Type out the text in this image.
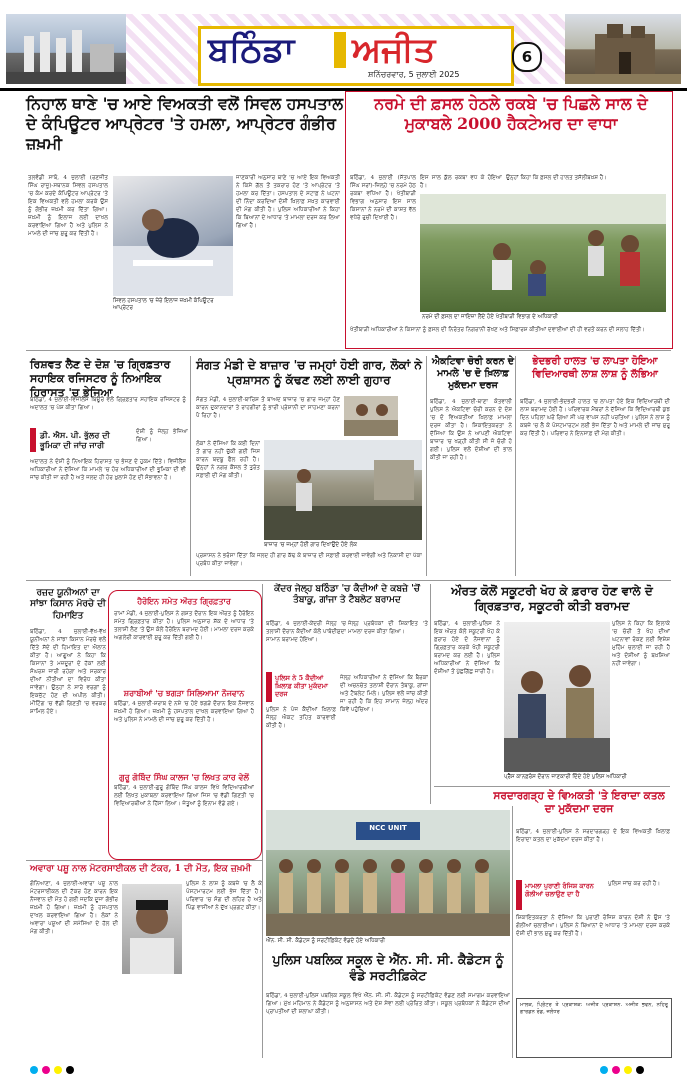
ਬਠਿੰਡਾ ਅਜੀਤ
ਸ਼ਨਿੱਚਰਵਾਰ, 5 ਜੁਲਾਈ 2025
6
ਨਿਹਾਲ ਥਾਣੇ 'ਚ ਆਏ ਵਿਅਕਤੀ ਵਲੋਂ ਸਿਵਲ ਹਸਪਤਾਲ ਦੇ ਕੰਪਿਊਟਰ ਆਪ੍ਰੇਟਰ 'ਤੇ ਹਮਲਾ, ਆਪ੍ਰੇਟਰ ਗੰਭੀਰ ਜ਼ਖ਼ਮੀ
ਨਰਮੇ ਦੀ ਫ਼ਸਲ ਹੇਠਲੇ ਰਕਬੇ 'ਚ ਪਿਛਲੇ ਸਾਲ ਦੇ ਮੁਕਾਬਲੇ 2000 ਹੈਕਟੇਅਰ ਦਾ ਵਾਧਾ
ਤਲਵੰਡੀ ਸਾਬੋ, 4 ਜੁਲਾਈ (ਰਣਜੀਤ ਸਿੰਘ ਰਾਜੂ)-ਸਥਾਨਕ ਸਿਵਲ ਹਸਪਤਾਲ 'ਚ ਕੰਮ ਕਰਦੇ ਕੰਪਿਊਟਰ ਆਪ੍ਰੇਟਰ 'ਤੇ ਇਕ ਵਿਅਕਤੀ ਵਲੋਂ ਹਮਲਾ ਕਰਕੇ ਉਸ ਨੂੰ ਗੰਭੀਰ ਜ਼ਖ਼ਮੀ ਕਰ ਦਿੱਤਾ ਗਿਆ। ਜ਼ਖ਼ਮੀ ਨੂੰ ਇਲਾਜ ਲਈ ਦਾਖਲ ਕਰਵਾਇਆ ਗਿਆ ਹੈ ਅਤੇ ਪੁਲਿਸ ਨੇ ਮਾਮਲੇ ਦੀ ਜਾਂਚ ਸ਼ੁਰੂ ਕਰ ਦਿੱਤੀ ਹੈ।
ਸਿਵਲ ਹਸਪਤਾਲ 'ਚ ਜ਼ੇਰੇ ਇਲਾਜ ਜ਼ਖ਼ਮੀ ਕੰਪਿਊਟਰ ਆਪ੍ਰੇਟਰ
ਜਾਣਕਾਰੀ ਅਨੁਸਾਰ ਥਾਣੇ 'ਚ ਆਏ ਇਕ ਵਿਅਕਤੀ ਨੇ ਕਿਸੇ ਗੱਲ ਤੋਂ ਤਕਰਾਰ ਹੋਣ 'ਤੇ ਆਪ੍ਰੇਟਰ 'ਤੇ ਹਮਲਾ ਕਰ ਦਿੱਤਾ। ਹਸਪਤਾਲ ਦੇ ਸਟਾਫ਼ ਨੇ ਘਟਨਾ ਦੀ ਨਿੰਦਾ ਕਰਦਿਆਂ ਦੋਸ਼ੀ ਖ਼ਿਲਾਫ਼ ਸਖ਼ਤ ਕਾਰਵਾਈ ਦੀ ਮੰਗ ਕੀਤੀ ਹੈ। ਪੁਲਿਸ ਅਧਿਕਾਰੀਆਂ ਨੇ ਕਿਹਾ ਕਿ ਬਿਆਨਾਂ ਦੇ ਆਧਾਰ 'ਤੇ ਮਾਮਲਾ ਦਰਜ ਕਰ ਲਿਆ ਗਿਆ ਹੈ।
ਬਠਿੰਡਾ, 4 ਜੁਲਾਈ (ਸੱਤਪਾਲ ਸਿੰਘ ਸਰਾਂ)-ਜ਼ਿਲ੍ਹੇ 'ਚ ਨਰਮੇ ਹੇਠ ਰਕਬਾ ਵਧਿਆ ਹੈ। ਖੇਤੀਬਾੜੀ ਵਿਭਾਗ ਅਨੁਸਾਰ ਇਸ ਸਾਲ ਕਿਸਾਨਾਂ ਨੇ ਨਰਮੇ ਦੀ ਕਾਸ਼ਤ ਵੱਲ ਵਧੇਰੇ ਰੁਚੀ ਦਿਖਾਈ ਹੈ।
ਇਸ ਸਾਲ ਕੁੱਲ ਰਕਬਾ ਵਧ ਕੇ ਹੋਇਆ ਹੈ।
ਉਨ੍ਹਾਂ ਕਿਹਾ ਕਿ ਫ਼ਸਲ ਦੀ ਹਾਲਤ ਤਸੱਲੀਬਖ਼ਸ਼ ਹੈ।
ਨਰਮੇ ਦੀ ਫ਼ਸਲ ਦਾ ਜਾਇਜ਼ਾ ਲੈਂਦੇ ਹੋਏ ਖੇਤੀਬਾੜੀ ਵਿਭਾਗ ਦੇ ਅਧਿਕਾਰੀ
ਖੇਤੀਬਾੜੀ ਅਧਿਕਾਰੀਆਂ ਨੇ ਕਿਸਾਨਾਂ ਨੂੰ ਫ਼ਸਲ ਦੀ ਨਿਰੰਤਰ ਨਿਗਰਾਨੀ ਰੱਖਣ ਅਤੇ ਸਿਫ਼ਾਰਸ਼ ਕੀਤੀਆਂ ਦਵਾਈਆਂ ਦੀ ਹੀ ਵਰਤੋਂ ਕਰਨ ਦੀ ਸਲਾਹ ਦਿੱਤੀ।
ਰਿਸ਼ਵਤ ਲੈਣ ਦੇ ਦੋਸ਼ 'ਚ ਗ੍ਰਿਫ਼ਤਾਰ ਸਹਾਇਕ ਰਜਿਸਟਰ ਨੂੰ ਨਿਆਇਕ ਹਿਰਾਸਤ 'ਚ ਭੇਜਿਆ
ਬਠਿੰਡਾ, 4 ਜੁਲਾਈ-ਵਿਜੀਲੈਂਸ ਬਿਊਰੋ ਵਲੋਂ ਗ੍ਰਿਫ਼ਤਾਰ ਸਹਾਇਕ ਰਜਿਸਟਰ ਨੂੰ ਅਦਾਲਤ 'ਚ ਪੇਸ਼ ਕੀਤਾ ਗਿਆ।
ਡੀ. ਐਸ. ਪੀ. ਭੁੱਲਰ ਦੀ ਭੂਮਿਕਾ ਦੀ ਜਾਂਚ ਜਾਰੀ
ਦੋਸ਼ੀ ਨੂੰ ਜੇਲ੍ਹ ਭੇਜਿਆ ਗਿਆ।
ਅਦਾਲਤ ਨੇ ਦੋਸ਼ੀ ਨੂੰ ਨਿਆਇਕ ਹਿਰਾਸਤ 'ਚ ਭੇਜਣ ਦੇ ਹੁਕਮ ਦਿੱਤੇ। ਵਿਜੀਲੈਂਸ ਅਧਿਕਾਰੀਆਂ ਨੇ ਦੱਸਿਆ ਕਿ ਮਾਮਲੇ 'ਚ ਹੋਰ ਅਧਿਕਾਰੀਆਂ ਦੀ ਭੂਮਿਕਾ ਦੀ ਵੀ ਜਾਂਚ ਕੀਤੀ ਜਾ ਰਹੀ ਹੈ ਅਤੇ ਜਲਦ ਹੀ ਹੋਰ ਖ਼ੁਲਾਸੇ ਹੋਣ ਦੀ ਸੰਭਾਵਨਾ ਹੈ।
ਸੰਗਤ ਮੰਡੀ ਦੇ ਬਾਜ਼ਾਰ 'ਚ ਜਮ੍ਹਾਂ ਹੋਈ ਗਾਰ, ਲੋਕਾਂ ਨੇ ਪ੍ਰਸ਼ਾਸਨ ਨੂੰ ਕੱਢਣ ਲਈ ਲਾਈ ਗੁਹਾਰ
ਸੰਗਤ ਮੰਡੀ, 4 ਜੁਲਾਈ-ਬਾਰਿਸ਼ ਤੋਂ ਬਾਅਦ ਬਾਜ਼ਾਰ 'ਚ ਗਾਰ ਜਮ੍ਹਾਂ ਹੋਣ ਕਾਰਨ ਦੁਕਾਨਦਾਰਾਂ ਤੇ ਰਾਹਗੀਰਾਂ ਨੂੰ ਭਾਰੀ ਪ੍ਰੇਸ਼ਾਨੀ ਦਾ ਸਾਹਮਣਾ ਕਰਨਾ ਪੈ ਰਿਹਾ ਹੈ।
ਬਾਜ਼ਾਰ 'ਚ ਜਮ੍ਹਾਂ ਹੋਈ ਗਾਰ ਦਿਖਾਉਂਦੇ ਹੋਏ ਲੋਕ
ਲੋਕਾਂ ਨੇ ਦੱਸਿਆ ਕਿ ਕਈ ਦਿਨਾਂ ਤੋਂ ਗਾਰ ਨਹੀਂ ਚੁੱਕੀ ਗਈ ਜਿਸ ਕਾਰਨ ਬਦਬੂ ਫੈਲ ਰਹੀ ਹੈ। ਉਨ੍ਹਾਂ ਨੇ ਨਗਰ ਕੌਂਸਲ ਤੋਂ ਤੁਰੰਤ ਸਫ਼ਾਈ ਦੀ ਮੰਗ ਕੀਤੀ।
ਪ੍ਰਸ਼ਾਸਨ ਨੇ ਭਰੋਸਾ ਦਿੱਤਾ ਕਿ ਜਲਦ ਹੀ ਗਾਰ ਕੱਢ ਕੇ ਬਾਜ਼ਾਰ ਦੀ ਸਫ਼ਾਈ ਕਰਵਾਈ ਜਾਵੇਗੀ ਅਤੇ ਨਿਕਾਸੀ ਦਾ ਪੱਕਾ ਪ੍ਰਬੰਧ ਕੀਤਾ ਜਾਵੇਗਾ।
ਐਕਟਿਵਾ ਚੋਰੀ ਕਰਨ ਦੇ ਮਾਮਲੇ 'ਚ ਦੋ ਖ਼ਿਲਾਫ਼ ਮੁਕੱਦਮਾ ਦਰਜ
ਬਠਿੰਡਾ, 4 ਜੁਲਾਈ-ਥਾਣਾ ਕੋਤਵਾਲੀ ਪੁਲਿਸ ਨੇ ਐਕਟਿਵਾ ਚੋਰੀ ਕਰਨ ਦੇ ਦੋਸ਼ 'ਚ ਦੋ ਵਿਅਕਤੀਆਂ ਖ਼ਿਲਾਫ਼ ਮਾਮਲਾ ਦਰਜ ਕੀਤਾ ਹੈ। ਸ਼ਿਕਾਇਤਕਰਤਾ ਨੇ ਦੱਸਿਆ ਕਿ ਉਸ ਨੇ ਆਪਣੀ ਐਕਟਿਵਾ ਬਾਜ਼ਾਰ 'ਚ ਖੜ੍ਹੀ ਕੀਤੀ ਸੀ ਜੋ ਚੋਰੀ ਹੋ ਗਈ। ਪੁਲਿਸ ਵਲੋਂ ਦੋਸ਼ੀਆਂ ਦੀ ਭਾਲ ਕੀਤੀ ਜਾ ਰਹੀ ਹੈ।
ਭੇਦਭਰੀ ਹਾਲਤ 'ਚ ਲਾਪਤਾ ਹੋਇਆ ਵਿਦਿਆਰਥੀ ਲਾਸ਼ ਲਾਸ਼ ਨੂੰ ਲੱਭਿਆ
ਬਠਿੰਡਾ, 4 ਜੁਲਾਈ-ਭੇਦਭਰੀ ਹਾਲਤ 'ਚ ਲਾਪਤਾ ਹੋਏ ਇਕ ਵਿਦਿਆਰਥੀ ਦੀ ਲਾਸ਼ ਬਰਾਮਦ ਹੋਈ ਹੈ। ਪਰਿਵਾਰਕ ਮੈਂਬਰਾਂ ਨੇ ਦੱਸਿਆ ਕਿ ਵਿਦਿਆਰਥੀ ਕੁਝ ਦਿਨ ਪਹਿਲਾਂ ਘਰੋਂ ਗਿਆ ਸੀ ਪਰ ਵਾਪਸ ਨਹੀਂ ਪਰਤਿਆ। ਪੁਲਿਸ ਨੇ ਲਾਸ਼ ਨੂੰ ਕਬਜ਼ੇ 'ਚ ਲੈ ਕੇ ਪੋਸਟਮਾਰਟਮ ਲਈ ਭੇਜ ਦਿੱਤਾ ਹੈ ਅਤੇ ਮਾਮਲੇ ਦੀ ਜਾਂਚ ਸ਼ੁਰੂ ਕਰ ਦਿੱਤੀ ਹੈ। ਪਰਿਵਾਰ ਨੇ ਇਨਸਾਫ਼ ਦੀ ਮੰਗ ਕੀਤੀ।
ਰਜ਼ਦ ਯੂਨੀਅਨਾਂ ਦਾ ਸਾਂਝਾ ਕਿਸਾਨ ਮੋਰਚੇ ਦੀ ਹਿਮਾਇਤ
ਬਠਿੰਡਾ, 4 ਜੁਲਾਈ-ਵੱਖ-ਵੱਖ ਯੂਨੀਅਨਾਂ ਨੇ ਸਾਂਝਾ ਕਿਸਾਨ ਮੋਰਚੇ ਵਲੋਂ ਦਿੱਤੇ ਸੱਦੇ ਦੀ ਹਿਮਾਇਤ ਦਾ ਐਲਾਨ ਕੀਤਾ ਹੈ। ਆਗੂਆਂ ਨੇ ਕਿਹਾ ਕਿ ਕਿਸਾਨਾਂ ਤੇ ਮਜ਼ਦੂਰਾਂ ਦੇ ਹੱਕਾਂ ਲਈ ਸੰਘਰਸ਼ ਜਾਰੀ ਰਹੇਗਾ ਅਤੇ ਸਰਕਾਰ ਦੀਆਂ ਨੀਤੀਆਂ ਦਾ ਵਿਰੋਧ ਕੀਤਾ ਜਾਵੇਗਾ। ਉਨ੍ਹਾਂ ਨੇ ਸਾਰੇ ਵਰਗਾਂ ਨੂੰ ਇਕਜੁੱਟ ਹੋਣ ਦੀ ਅਪੀਲ ਕੀਤੀ। ਮੀਟਿੰਗ 'ਚ ਵੱਡੀ ਗਿਣਤੀ 'ਚ ਵਰਕਰ ਸ਼ਾਮਿਲ ਹੋਏ।
ਹੈਰੋਇਨ ਸਮੇਤ ਔਰਤ ਗ੍ਰਿਫ਼ਤਾਰ
ਰਾਮਾਂ ਮੰਡੀ, 4 ਜੁਲਾਈ-ਪੁਲਿਸ ਨੇ ਗਸ਼ਤ ਦੌਰਾਨ ਇਕ ਔਰਤ ਨੂੰ ਹੈਰੋਇਨ ਸਮੇਤ ਗ੍ਰਿਫ਼ਤਾਰ ਕੀਤਾ ਹੈ। ਪੁਲਿਸ ਅਨੁਸਾਰ ਸ਼ੱਕ ਦੇ ਆਧਾਰ 'ਤੇ ਤਲਾਸ਼ੀ ਲੈਣ 'ਤੇ ਉਸ ਕੋਲੋਂ ਹੈਰੋਇਨ ਬਰਾਮਦ ਹੋਈ। ਮਾਮਲਾ ਦਰਜ ਕਰਕੇ ਅਗਲੇਰੀ ਕਾਰਵਾਈ ਸ਼ੁਰੂ ਕਰ ਦਿੱਤੀ ਗਈ ਹੈ।
ਸ਼ਰਾਬੀਆਂ 'ਚ ਝਗੜਾ ਸਿਲਿਆਮਾ ਨੌਜਵਾਨ
ਬਠਿੰਡਾ, 4 ਜੁਲਾਈ-ਸ਼ਰਾਬ ਦੇ ਨਸ਼ੇ 'ਚ ਹੋਏ ਝਗੜੇ ਦੌਰਾਨ ਇਕ ਨੌਜਵਾਨ ਜ਼ਖ਼ਮੀ ਹੋ ਗਿਆ। ਜ਼ਖ਼ਮੀ ਨੂੰ ਹਸਪਤਾਲ ਦਾਖਲ ਕਰਵਾਇਆ ਗਿਆ ਹੈ ਅਤੇ ਪੁਲਿਸ ਨੇ ਮਾਮਲੇ ਦੀ ਜਾਂਚ ਸ਼ੁਰੂ ਕਰ ਦਿੱਤੀ ਹੈ।
ਗੁਰੂ ਗੋਬਿੰਦ ਸਿੰਘ ਕਾਲਜ 'ਚ ਲਿਖਤ ਕਾਰ ਵੇਲੋਂ
ਬਠਿੰਡਾ, 4 ਜੁਲਾਈ-ਗੁਰੂ ਗੋਬਿੰਦ ਸਿੰਘ ਕਾਲਜ ਵਿਖੇ ਵਿਦਿਆਰਥੀਆਂ ਲਈ ਲਿਖਤ ਮੁਕਾਬਲਾ ਕਰਵਾਇਆ ਗਿਆ ਜਿਸ 'ਚ ਵੱਡੀ ਗਿਣਤੀ 'ਚ ਵਿਦਿਆਰਥੀਆਂ ਨੇ ਹਿੱਸਾ ਲਿਆ। ਜੇਤੂਆਂ ਨੂੰ ਇਨਾਮ ਵੰਡੇ ਗਏ।
ਕੇਂਦਰ ਜੇਲ੍ਹ ਬਠਿੰਡਾ 'ਚ ਕੈਦੀਆਂ ਦੇ ਕਬਜ਼ੇ 'ਚੋਂ ਤੰਬਾਕੂ, ਗਾਂਜਾ ਤੇ ਟੈਬਲੇਟ ਬਰਾਮਦ
ਬਠਿੰਡਾ, 4 ਜੁਲਾਈ-ਕੇਂਦਰੀ ਜੇਲ੍ਹ 'ਚ ਤਲਾਸ਼ੀ ਦੌਰਾਨ ਕੈਦੀਆਂ ਕੋਲੋਂ ਪਾਬੰਦੀਸ਼ੁਦਾ ਸਾਮਾਨ ਬਰਾਮਦ ਹੋਇਆ।
ਜੇਲ੍ਹ ਪ੍ਰਬੰਧਕਾਂ ਦੀ ਸ਼ਿਕਾਇਤ 'ਤੇ ਮਾਮਲਾ ਦਰਜ ਕੀਤਾ ਗਿਆ।
ਪੁਲਿਸ ਨੇ 5 ਕੈਦੀਆਂ ਖ਼ਿਲਾਫ਼ ਕੀਤਾ ਮੁਕੱਦਮਾ ਦਰਜ
ਜੇਲ੍ਹ ਅਧਿਕਾਰੀਆਂ ਨੇ ਦੱਸਿਆ ਕਿ ਬੈਰਕਾਂ ਦੀ ਅਚਨਚੇਤ ਤਲਾਸ਼ੀ ਦੌਰਾਨ ਤੰਬਾਕੂ, ਗਾਂਜਾ ਅਤੇ ਟੈਬਲੇਟ ਮਿਲੇ। ਪੁਲਿਸ ਵਲੋਂ ਜਾਂਚ ਕੀਤੀ ਜਾ ਰਹੀ ਹੈ ਕਿ ਇਹ ਸਾਮਾਨ ਜੇਲ੍ਹ ਅੰਦਰ ਕਿਵੇਂ ਪਹੁੰਚਿਆ।
ਪੁਲਿਸ ਨੇ ਪੰਜ ਕੈਦੀਆਂ ਖ਼ਿਲਾਫ਼ ਜੇਲ੍ਹ ਐਕਟ ਤਹਿਤ ਕਾਰਵਾਈ ਕੀਤੀ ਹੈ।
ਔਰਤ ਕੋਲੋਂ ਸਕੂਟਰੀ ਖੋਹ ਕੇ ਫ਼ਰਾਰ ਹੋਣ ਵਾਲੇ ਦੋ ਗ੍ਰਿਫ਼ਤਾਰ, ਸਕੂਟਰੀ ਕੀਤੀ ਬਰਾਮਦ
ਬਠਿੰਡਾ, 4 ਜੁਲਾਈ-ਪੁਲਿਸ ਨੇ ਇਕ ਔਰਤ ਕੋਲੋਂ ਸਕੂਟਰੀ ਖੋਹ ਕੇ ਫ਼ਰਾਰ ਹੋਏ ਦੋ ਨੌਜਵਾਨਾਂ ਨੂੰ ਗ੍ਰਿਫ਼ਤਾਰ ਕਰਕੇ ਖੋਹੀ ਸਕੂਟਰੀ ਬਰਾਮਦ ਕਰ ਲਈ ਹੈ। ਪੁਲਿਸ ਅਧਿਕਾਰੀਆਂ ਨੇ ਦੱਸਿਆ ਕਿ ਦੋਸ਼ੀਆਂ ਤੋਂ ਪੁੱਛਗਿੱਛ ਜਾਰੀ ਹੈ।
ਪੁਲਿਸ ਨੇ ਕਿਹਾ ਕਿ ਇਲਾਕੇ 'ਚ ਚੋਰੀ ਤੇ ਖੋਹ ਦੀਆਂ ਘਟਨਾਵਾਂ ਰੋਕਣ ਲਈ ਵਿਸ਼ੇਸ਼ ਮੁਹਿੰਮ ਚਲਾਈ ਜਾ ਰਹੀ ਹੈ ਅਤੇ ਦੋਸ਼ੀਆਂ ਨੂੰ ਬਖ਼ਸ਼ਿਆ ਨਹੀਂ ਜਾਵੇਗਾ।
ਪ੍ਰੈੱਸ ਕਾਨਫ਼ਰੰਸ ਦੌਰਾਨ ਜਾਣਕਾਰੀ ਦਿੰਦੇ ਹੋਏ ਪੁਲਿਸ ਅਧਿਕਾਰੀ
ਸਰਦਾਰਗੜ੍ਹ ਦੇ ਵਿਅਕਤੀ 'ਤੇ ਇਰਾਦਾ ਕਤਲ ਦਾ ਮੁਕੱਦਮਾ ਦਰਜ
ਬਠਿੰਡਾ, 4 ਜੁਲਾਈ-ਪੁਲਿਸ ਨੇ ਸਰਦਾਰਗੜ੍ਹ ਦੇ ਇਕ ਵਿਅਕਤੀ ਖ਼ਿਲਾਫ਼ ਇਰਾਦਾ ਕਤਲ ਦਾ ਮੁਕੱਦਮਾ ਦਰਜ ਕੀਤਾ ਹੈ।
ਮਾਮਲਾ ਪੁਰਾਣੀ ਰੰਜਿਸ਼ ਕਾਰਨ ਗੋਲੀਆਂ ਚਲਾਉਣ ਦਾ ਹੈ
ਪੁਲਿਸ ਜਾਂਚ ਕਰ ਰਹੀ ਹੈ।
ਸ਼ਿਕਾਇਤਕਰਤਾ ਨੇ ਦੱਸਿਆ ਕਿ ਪੁਰਾਣੀ ਰੰਜਿਸ਼ ਕਾਰਨ ਦੋਸ਼ੀ ਨੇ ਉਸ 'ਤੇ ਗੋਲੀਆਂ ਚਲਾਈਆਂ। ਪੁਲਿਸ ਨੇ ਬਿਆਨਾਂ ਦੇ ਆਧਾਰ 'ਤੇ ਮਾਮਲਾ ਦਰਜ ਕਰਕੇ ਦੋਸ਼ੀ ਦੀ ਭਾਲ ਸ਼ੁਰੂ ਕਰ ਦਿੱਤੀ ਹੈ।
ਅਵਾਰਾ ਪਸ਼ੂ ਨਾਲ ਮੋਟਰਸਾਈਕਲ ਦੀ ਟੱਕਰ, 1 ਦੀ ਮੌਤ, ਇਕ ਜ਼ਖ਼ਮੀ
ਗੋਨਿਆਣਾ, 4 ਜੁਲਾਈ-ਅਵਾਰਾ ਪਸ਼ੂ ਨਾਲ ਮੋਟਰਸਾਈਕਲ ਦੀ ਟੱਕਰ ਹੋਣ ਕਾਰਨ ਇਕ ਨੌਜਵਾਨ ਦੀ ਮੌਤ ਹੋ ਗਈ ਜਦਕਿ ਦੂਜਾ ਗੰਭੀਰ ਜ਼ਖ਼ਮੀ ਹੋ ਗਿਆ। ਜ਼ਖ਼ਮੀ ਨੂੰ ਹਸਪਤਾਲ ਦਾਖਲ ਕਰਵਾਇਆ ਗਿਆ ਹੈ। ਲੋਕਾਂ ਨੇ ਅਵਾਰਾ ਪਸ਼ੂਆਂ ਦੀ ਸਮੱਸਿਆ ਦੇ ਹੱਲ ਦੀ ਮੰਗ ਕੀਤੀ।
ਪੁਲਿਸ ਨੇ ਲਾਸ਼ ਨੂੰ ਕਬਜ਼ੇ 'ਚ ਲੈ ਕੇ ਪੋਸਟਮਾਰਟਮ ਲਈ ਭੇਜ ਦਿੱਤਾ ਹੈ। ਪਰਿਵਾਰ 'ਚ ਸੋਗ ਦੀ ਲਹਿਰ ਹੈ ਅਤੇ ਪਿੰਡ ਵਾਸੀਆਂ ਨੇ ਦੁੱਖ ਪ੍ਰਗਟ ਕੀਤਾ।
NCC UNIT
ਐੱਨ. ਸੀ. ਸੀ. ਕੈਡੇਟਸ ਨੂੰ ਸਰਟੀਫ਼ਿਕੇਟ ਵੰਡਦੇ ਹੋਏ ਅਧਿਕਾਰੀ
ਪੁਲਿਸ ਪਬਲਿਕ ਸਕੂਲ ਦੇ ਐੱਨ. ਸੀ. ਸੀ. ਕੈਡੇਟਸ ਨੂੰ ਵੰਡੇ ਸਰਟੀਫ਼ਿਕੇਟ
ਬਠਿੰਡਾ, 4 ਜੁਲਾਈ-ਪੁਲਿਸ ਪਬਲਿਕ ਸਕੂਲ ਵਿਖੇ ਐੱਨ. ਸੀ. ਸੀ. ਕੈਡੇਟਸ ਨੂੰ ਸਰਟੀਫ਼ਿਕੇਟ ਵੰਡਣ ਲਈ ਸਮਾਗਮ ਕਰਵਾਇਆ ਗਿਆ। ਮੁੱਖ ਮਹਿਮਾਨ ਨੇ ਕੈਡੇਟਸ ਨੂੰ ਅਨੁਸ਼ਾਸਨ ਅਤੇ ਦੇਸ਼ ਸੇਵਾ ਲਈ ਪ੍ਰੇਰਿਤ ਕੀਤਾ। ਸਕੂਲ ਪ੍ਰਬੰਧਕਾਂ ਨੇ ਕੈਡੇਟਸ ਦੀਆਂ ਪ੍ਰਾਪਤੀਆਂ ਦੀ ਸ਼ਲਾਘਾ ਕੀਤੀ।
ਮਾਲਕ, ਪ੍ਰਿੰਟਰ ਤੇ ਪ੍ਰਕਾਸ਼ਕ: ਅਜੀਤ ਪ੍ਰਕਾਸ਼ਨ. ਅਜੀਤ ਭਵਨ, ਨਹਿਰੂ ਗਾਰਡਨ ਰੋਡ, ਜਲੰਧਰ
